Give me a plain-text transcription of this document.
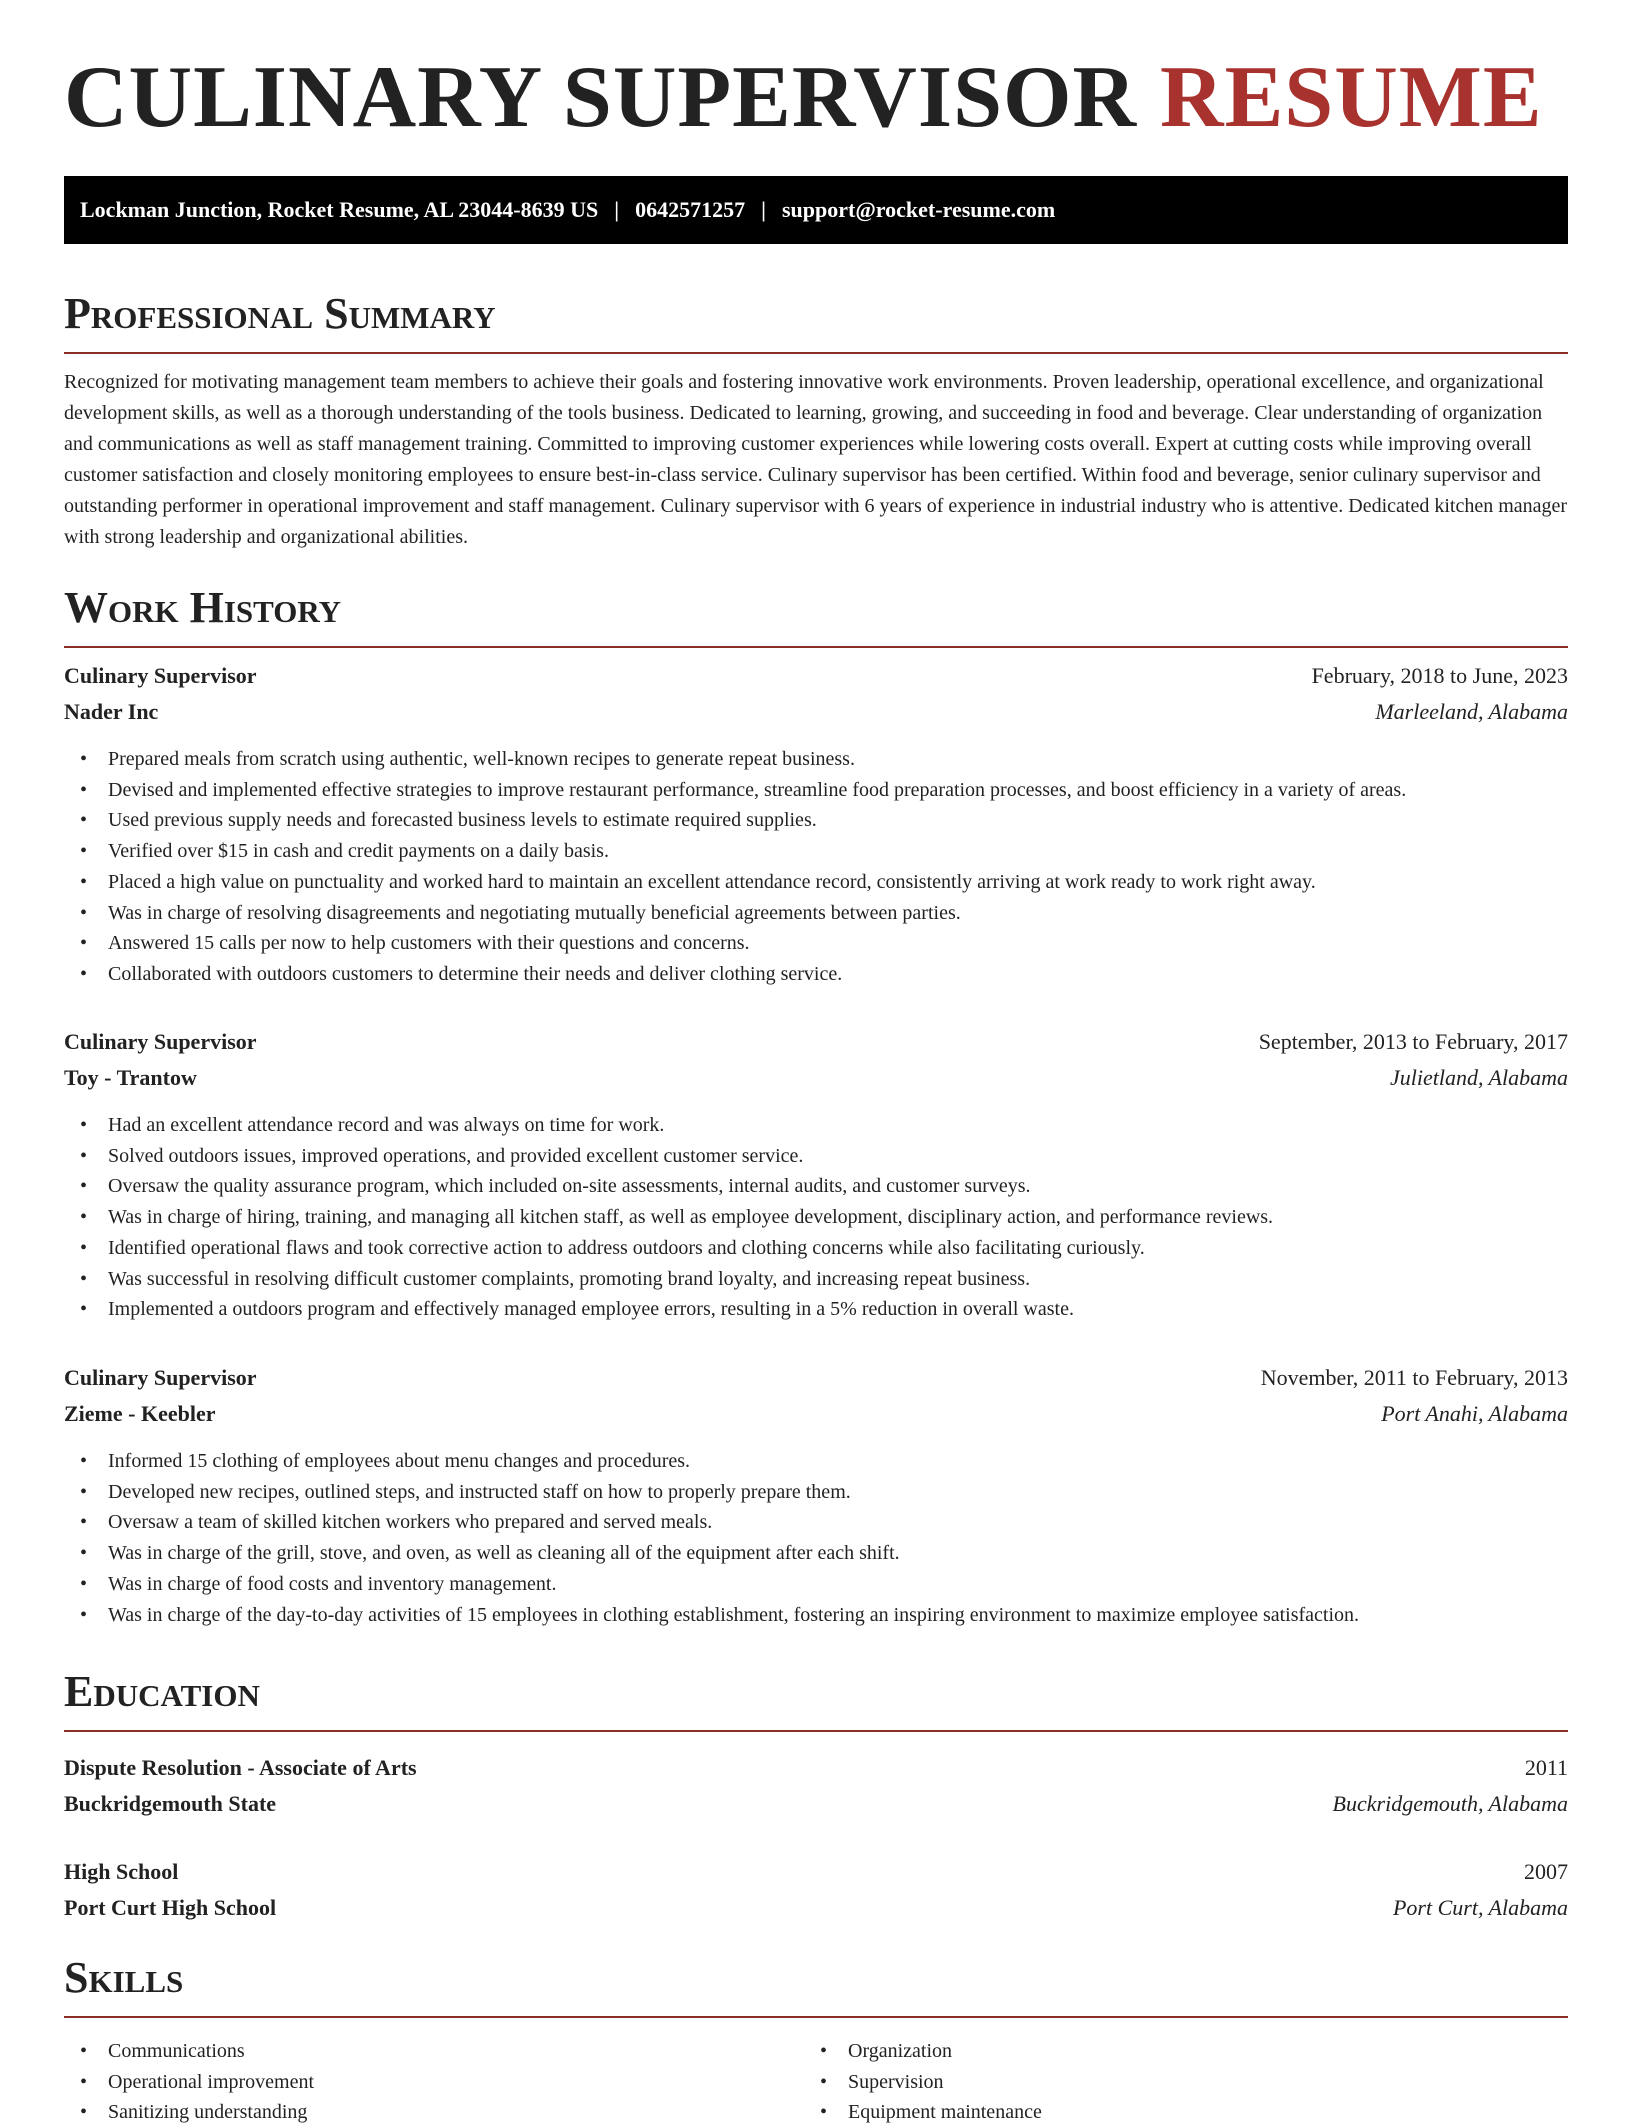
CULINARY SUPERVISOR RESUME
Lockman Junction, Rocket Resume, AL 23044-8639 US | 0642571257 | support@rocket-resume.com
Professional Summary

Recognized for motivating management team members to achieve their goals and fostering innovative work environments. Proven leadership, operational excellence, and organizational development skills, as well as a thorough understanding of the tools business. Dedicated to learning, growing, and succeeding in food and beverage. Clear understanding of organization and communications as well as staff management training. Committed to improving customer experiences while lowering costs overall. Expert at cutting costs while improving overall customer satisfaction and closely monitoring employees to ensure best-in-class service. Culinary supervisor has been certified. Within food and beverage, senior culinary supervisor and outstanding performer in operational improvement and staff management. Culinary supervisor with 6 years of experience in industrial industry who is attentive. Dedicated kitchen manager with strong leadership and organizational abilities.

Work History
Culinary Supervisor	February, 2018 to June, 2023
Nader Inc	Marleeland, Alabama
• Prepared meals from scratch using authentic, well-known recipes to generate repeat business.
• Devised and implemented effective strategies to improve restaurant performance, streamline food preparation processes, and boost efficiency in a variety of areas.
• Used previous supply needs and forecasted business levels to estimate required supplies.
• Verified over $15 in cash and credit payments on a daily basis.
• Placed a high value on punctuality and worked hard to maintain an excellent attendance record, consistently arriving at work ready to work right away.
• Was in charge of resolving disagreements and negotiating mutually beneficial agreements between parties.
• Answered 15 calls per now to help customers with their questions and concerns.
• Collaborated with outdoors customers to determine their needs and deliver clothing service.
Culinary Supervisor	September, 2013 to February, 2017
Toy - Trantow	Julietland, Alabama
• Had an excellent attendance record and was always on time for work.
• Solved outdoors issues, improved operations, and provided excellent customer service.
• Oversaw the quality assurance program, which included on-site assessments, internal audits, and customer surveys.
• Was in charge of hiring, training, and managing all kitchen staff, as well as employee development, disciplinary action, and performance reviews.
• Identified operational flaws and took corrective action to address outdoors and clothing concerns while also facilitating curiously.
• Was successful in resolving difficult customer complaints, promoting brand loyalty, and increasing repeat business.
• Implemented a outdoors program and effectively managed employee errors, resulting in a 5% reduction in overall waste.
Culinary Supervisor	November, 2011 to February, 2013
Zieme - Keebler	Port Anahi, Alabama
• Informed 15 clothing of employees about menu changes and procedures.
• Developed new recipes, outlined steps, and instructed staff on how to properly prepare them.
• Oversaw a team of skilled kitchen workers who prepared and served meals.
• Was in charge of the grill, stove, and oven, as well as cleaning all of the equipment after each shift.
• Was in charge of food costs and inventory management.
• Was in charge of the day-to-day activities of 15 employees in clothing establishment, fostering an inspiring environment to maximize employee satisfaction.
Education
Dispute Resolution - Associate of Arts	2011
Buckridgemouth State	Buckridgemouth, Alabama
High School	2007
Port Curt High School	Port Curt, Alabama
Skills
• Communications
• Operational improvement
• Sanitizing understanding
• Organization
• Supervision
• Equipment maintenance
